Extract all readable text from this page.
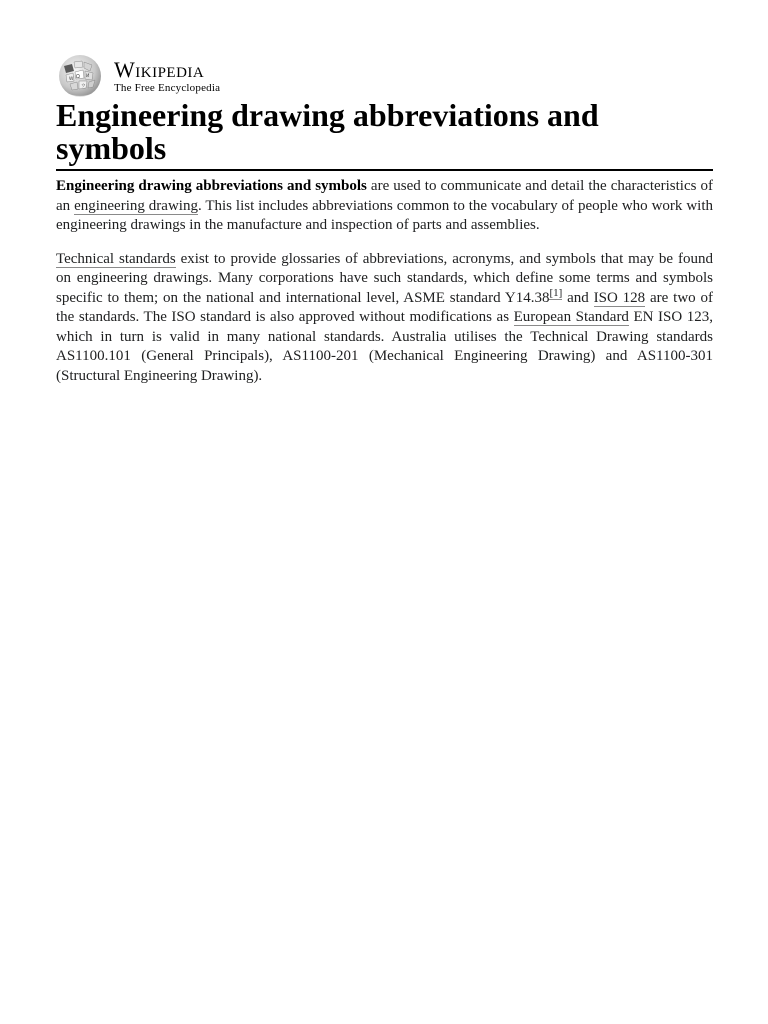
Ω И
W
ウ
Wikipedia
The Free Encyclopedia
Engineering drawing abbreviations and symbols

Engineering drawing abbreviations and symbols are used to communicate and detail the characteristics of an engineering drawing. This list includes abbreviations common to the vocabulary of people who work with engineering drawings in the manufacture and inspection of parts and assemblies.

Technical standards exist to provide glossaries of abbreviations, acronyms, and symbols that may be found on engineering drawings. Many corporations have such standards, which define some terms and symbols specific to them; on the national and international level, ASME standard Y14.38[1] and ISO 128 are two of the standards. The ISO standard is also approved without modifications as European Standard EN ISO 123, which in turn is valid in many national standards. Australia utilises the Technical Drawing standards AS1100.101 (General Principals), AS1100-201 (Mechanical Engineering Drawing) and AS1100-301 (Structural Engineering Drawing).
